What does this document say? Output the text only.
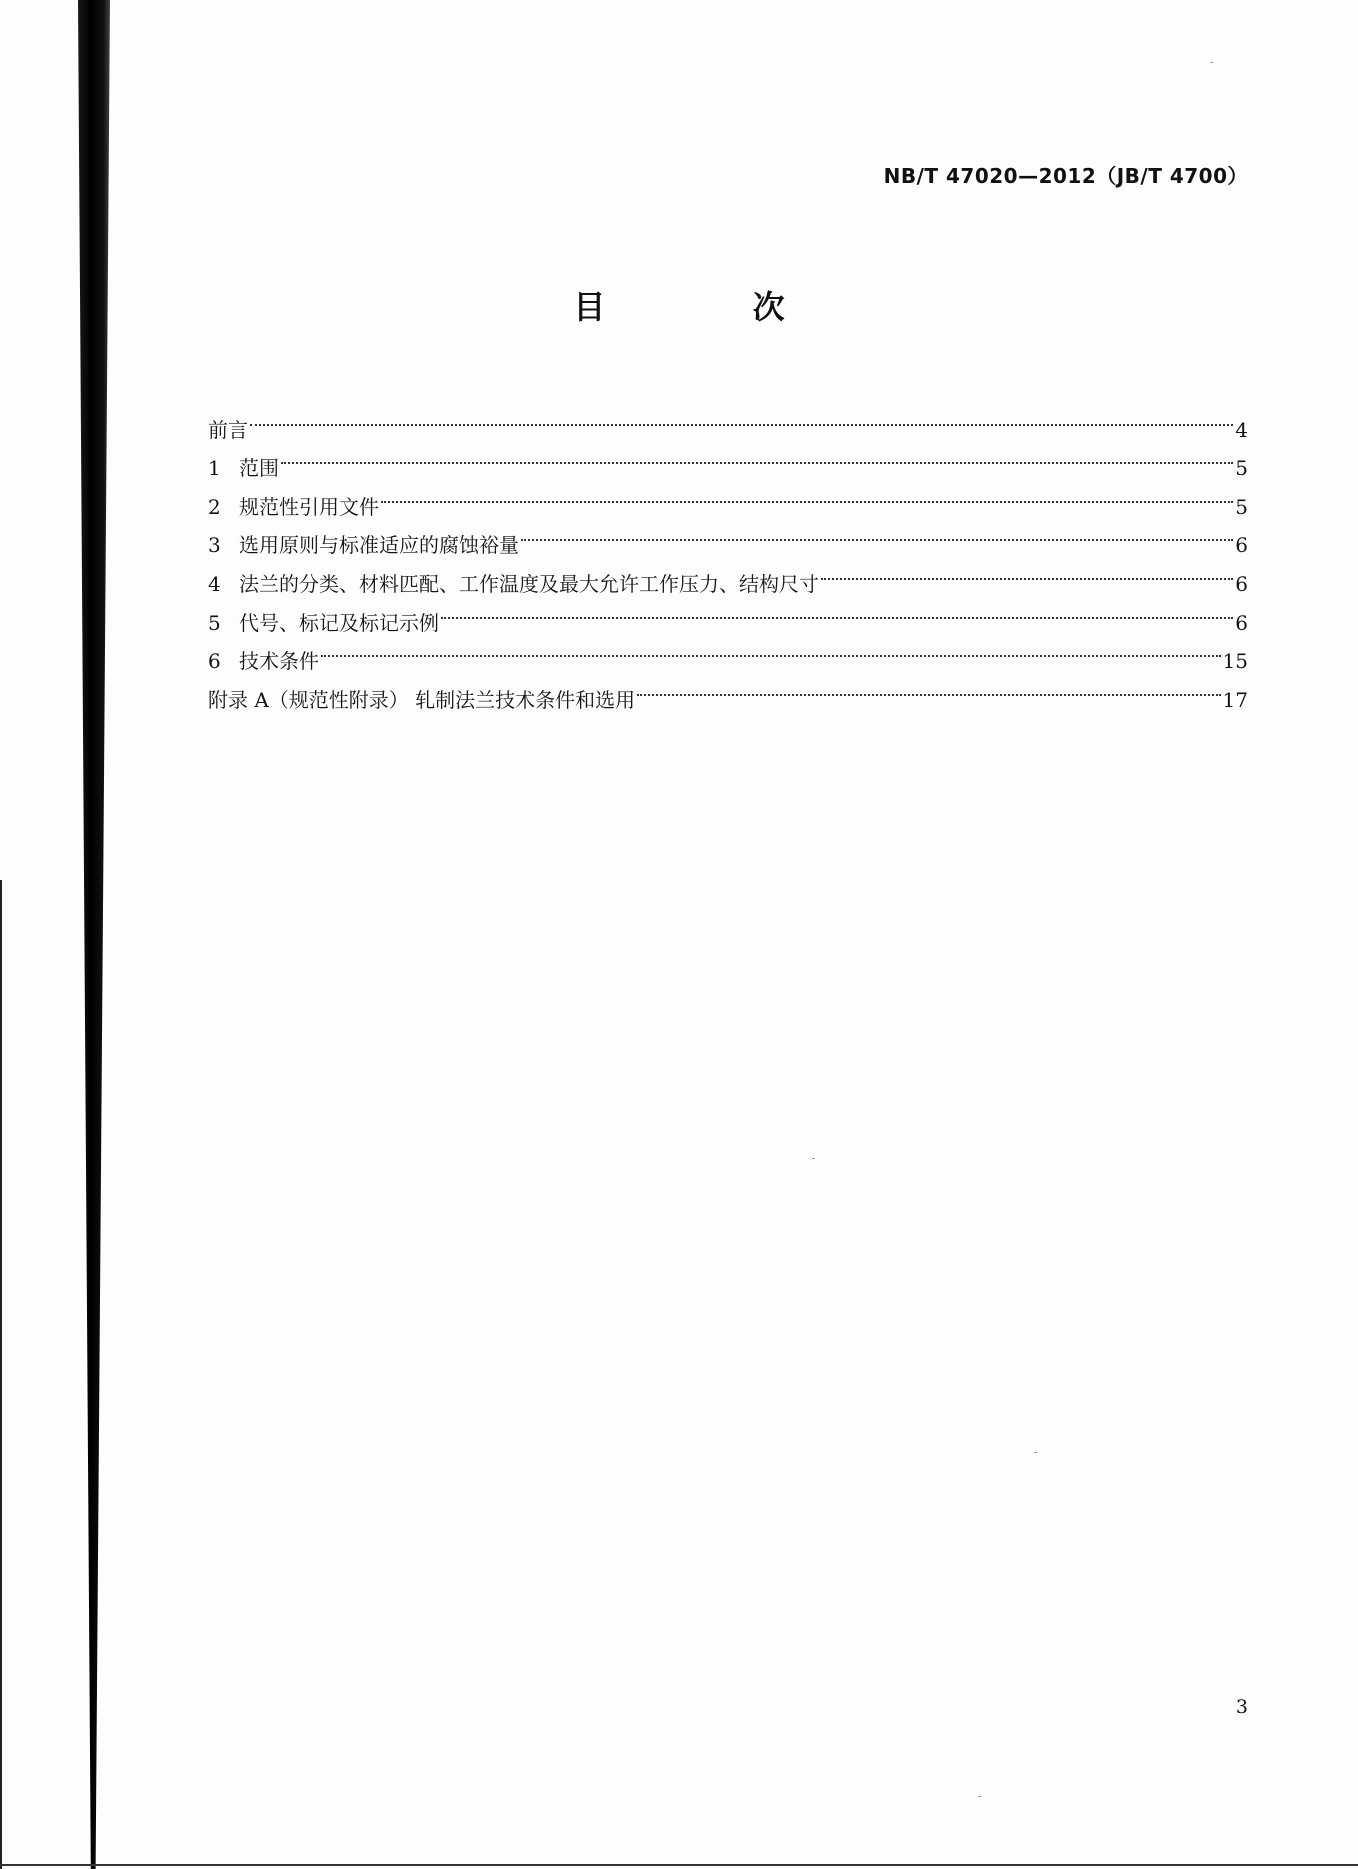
NB/T 47020—2012（JB/T 4700）
目 次
前言	4
1 范围	5
2 规范性引用文件	5
3 选用原则与标准适应的腐蚀裕量	6
4 法兰的分类、材料匹配、工作温度及最大允许工作压力、结构尺寸	6
5 代号、标记及标记示例	6
6 技术条件	15
附录 A（规范性附录） 轧制法兰技术条件和选用	17
3
